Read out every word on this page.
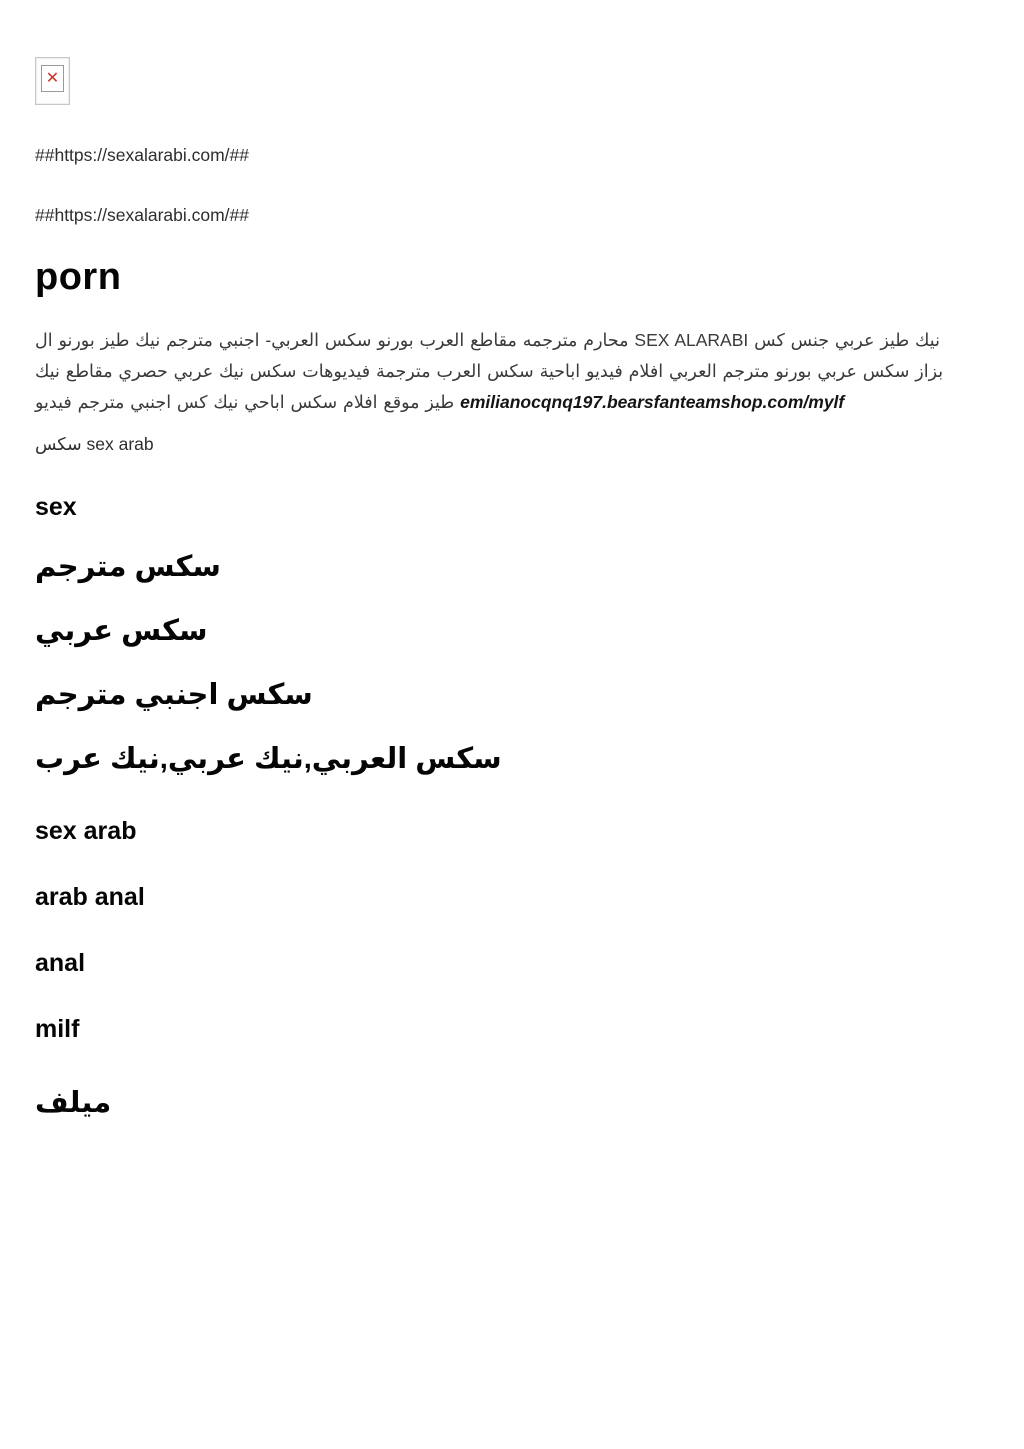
✕

##https://sexalarabi.com/##

##https://sexalarabi.com/##

porn

محارم مترجمه مقاطع العرب بورنو سكس العربي- اجنبي مترجم نيك طيز بورنو ال SEX ALARABI نيك طيز عربي جنس كس بزاز سكس عربي بورنو مترجم العربي افلام فيديو اباحية سكس العرب مترجمة فيديوهات سكس نيك عربي حصري مقاطع نيك طيز موقع افلام سكس اباحي نيك كس اجنبي مترجم فيديو emilianocqnq197.bearsfanteamshop.com/mylf

سكس sex arab

sex
سكس مترجم
سكس عربي
سكس اجنبي مترجم
سكس العربي,نيك عربي,نيك عرب
sex arab
arab anal
anal
milf
ميلف
